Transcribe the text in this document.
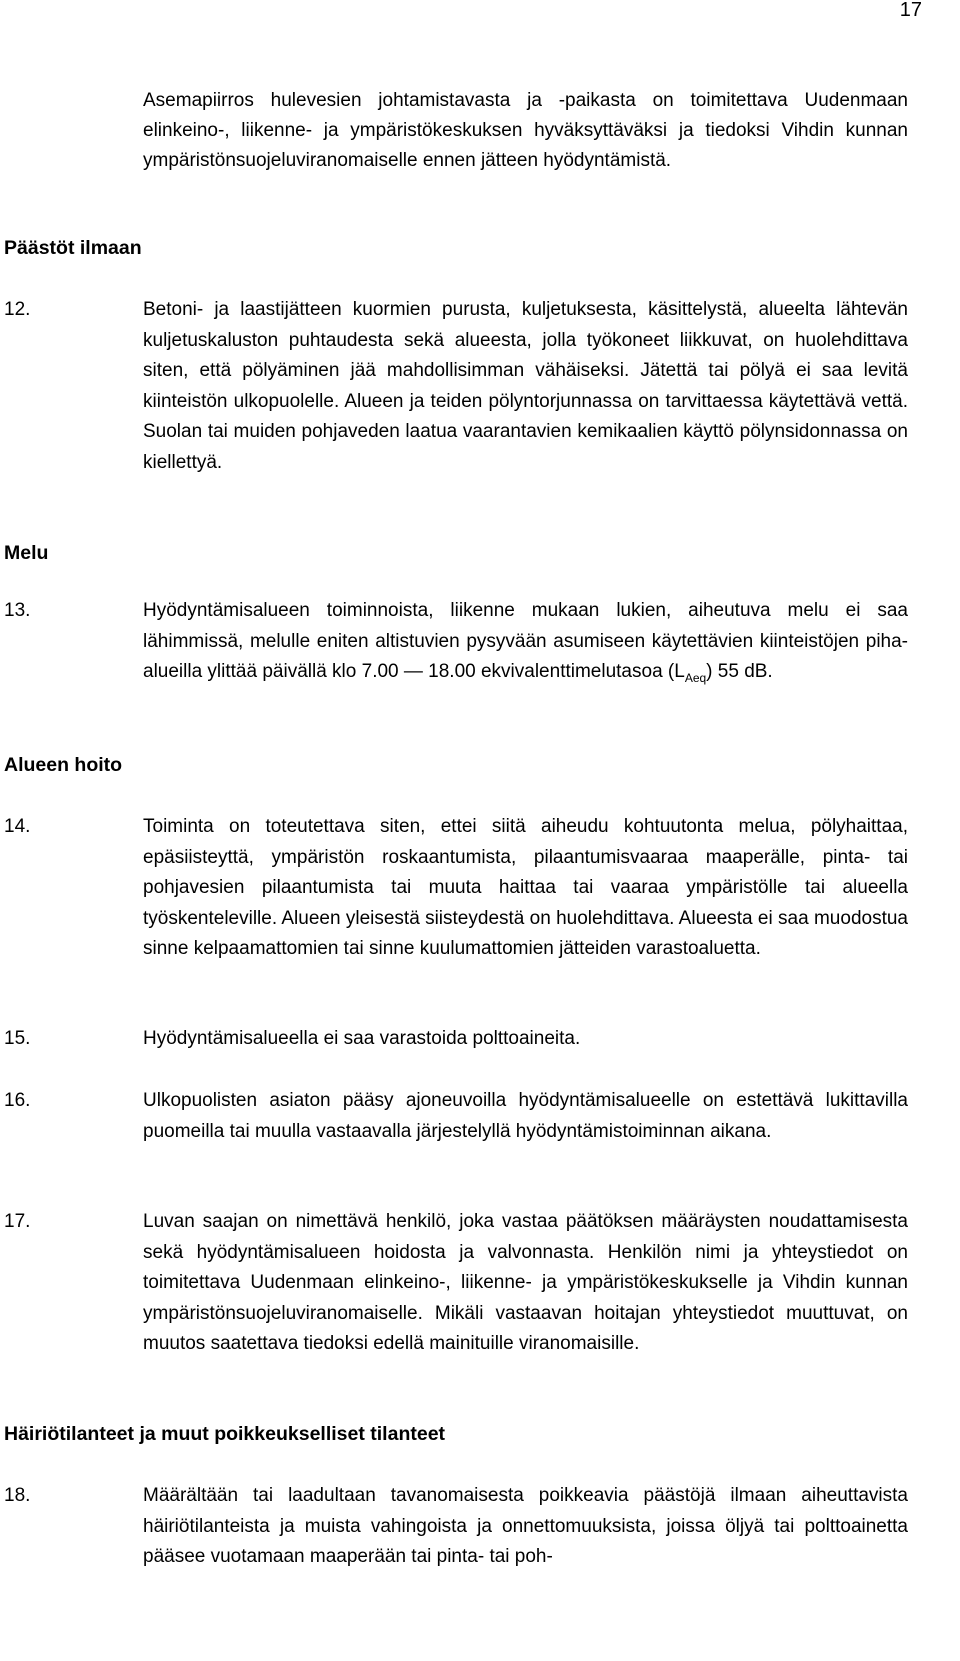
17
Asemapiirros hulevesien johtamistavasta ja -paikasta on toimitettava Uudenmaan elinkeino-, liikenne- ja ympäristökeskuksen hyväksyttäväksi ja tiedoksi Vihdin kunnan ympäristönsuojeluviranomaiselle ennen jätteen hyödyntämistä.
Päästöt ilmaan
12.	Betoni- ja laastijätteen kuormien purusta, kuljetuksesta, käsittelystä, alueelta lähtevän kuljetuskaluston puhtaudesta sekä alueesta, jolla työkoneet liikkuvat, on huolehdittava siten, että pölyäminen jää mahdollisimman vähäiseksi. Jätettä tai pölyä ei saa levitä kiinteistön ulkopuolelle. Alueen ja teiden pölyntorjunnassa on tarvittaessa käytettävä vettä. Suolan tai muiden pohjaveden laatua vaarantavien kemikaalien käyttö pölynsidonnassa on kiellettyä.
Melu
13.	Hyödyntämisalueen toiminnoista, liikenne mukaan lukien, aiheutuva melu ei saa lähimmissä, melulle eniten altistuvien pysyvään asumiseen käytettävien kiinteistöjen piha-alueilla ylittää päivällä klo 7.00 — 18.00 ekvivalenttimelutasoa $(L_{Aeq})$ 55 dB.
Alueen hoito
14.	Toiminta on toteutettava siten, ettei siitä aiheudu kohtuutonta melua, pölyhaittaa, epäsiisteyttä, ympäristön roskaantumista, pilaantumisvaaraa maaperälle, pinta- tai pohjavesien pilaantumista tai muuta haittaa tai vaaraa ympäristölle tai alueella työskenteleville. Alueen yleisestä siisteydestä on huolehdittava. Alueesta ei saa muodostua sinne kelpaamattomien tai sinne kuulumattomien jätteiden varastoaluetta.
15.	Hyödyntämisalueella ei saa varastoida polttoaineita.
16.	Ulkopuolisten asiaton pääsy ajoneuvoilla hyödyntämisalueelle on estettävä lukittavilla puomeilla tai muulla vastaavalla järjestelyllä hyödyntämistoiminnan aikana.
17.	Luvan saajan on nimettävä henkilö, joka vastaa päätöksen määräysten noudattamisesta sekä hyödyntämisalueen hoidosta ja valvonnasta. Henkilön nimi ja yhteystiedot on toimitettava Uudenmaan elinkeino-, liikenne- ja ympäristökeskukselle ja Vihdin kunnan ympäristönsuojeluviranomaiselle. Mikäli vastaavan hoitajan yhteystiedot muuttuvat, on muutos saatettava tiedoksi edellä mainituille viranomaisille.
Häiriötilanteet ja muut poikkeukselliset tilanteet
18.	Määrältään tai laadultaan tavanomaisesta poikkeavia päästöjä ilmaan aiheuttavista häiriötilanteista ja muista vahingoista ja onnettomuuksista, joissa öljyä tai polttoainetta pääsee vuotamaan maaperään tai pinta- tai poh-
